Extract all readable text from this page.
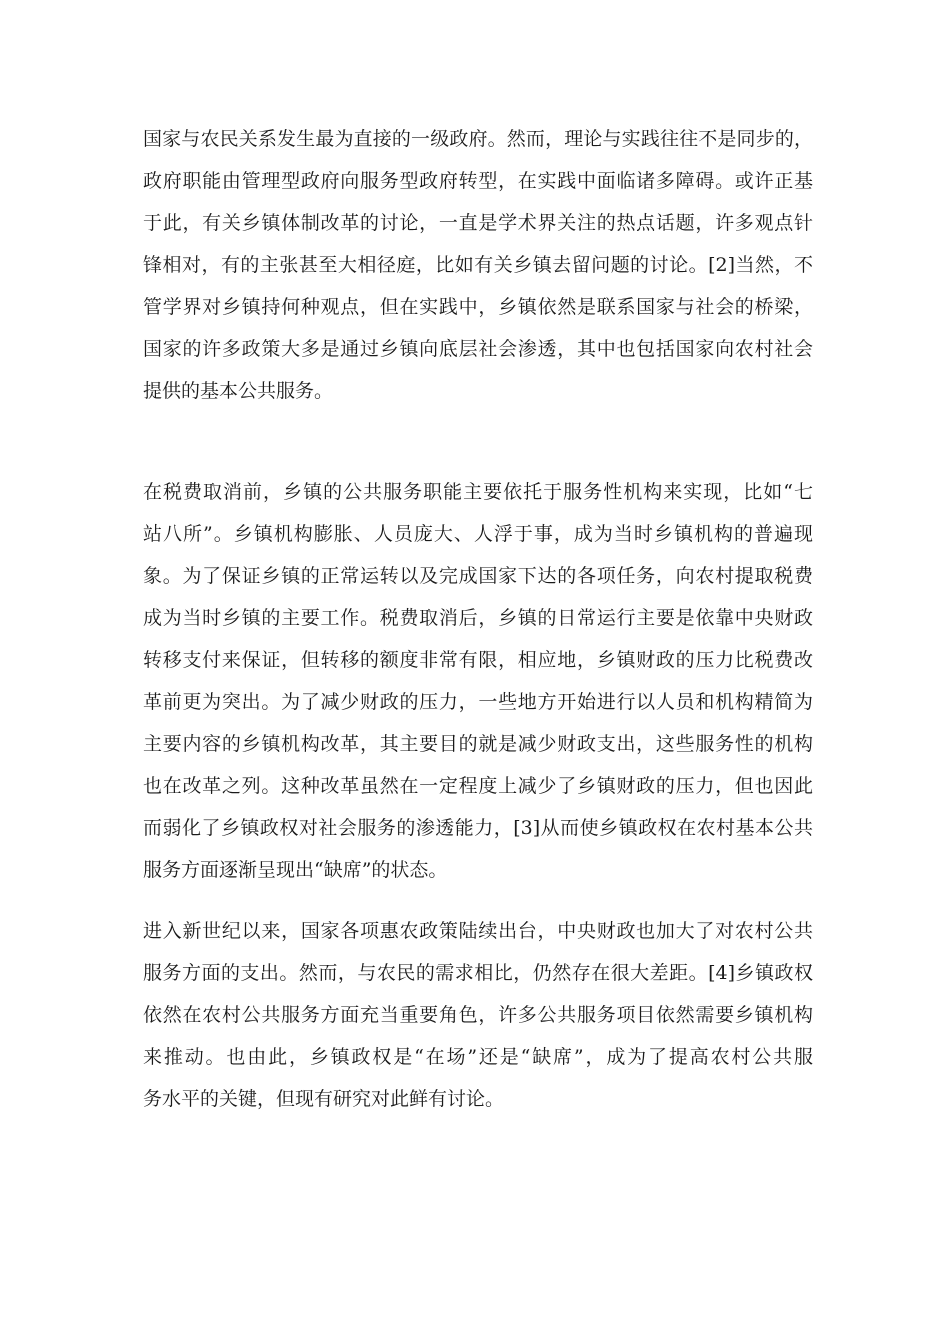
国家与农民关系发生最为直接的一级政府。然而，理论与实践往往不是同步的，
政府职能由管理型政府向服务型政府转型，在实践中面临诸多障碍。或许正基
于此，有关乡镇体制改革的讨论，一直是学术界关注的热点话题，许多观点针
锋相对，有的主张甚至大相径庭，比如有关乡镇去留问题的讨论。[2]当然，不
管学界对乡镇持何种观点，但在实践中，乡镇依然是联系国家与社会的桥梁，
国家的许多政策大多是通过乡镇向底层社会渗透，其中也包括国家向农村社会
提供的基本公共服务。
在税费取消前，乡镇的公共服务职能主要依托于服务性机构来实现，比如“七
站八所”。乡镇机构膨胀、人员庞大、人浮于事，成为当时乡镇机构的普遍现
象。为了保证乡镇的正常运转以及完成国家下达的各项任务，向农村提取税费
成为当时乡镇的主要工作。税费取消后，乡镇的日常运行主要是依靠中央财政
转移支付来保证，但转移的额度非常有限，相应地，乡镇财政的压力比税费改
革前更为突出。为了减少财政的压力，一些地方开始进行以人员和机构精简为
主要内容的乡镇机构改革，其主要目的就是减少财政支出，这些服务性的机构
也在改革之列。这种改革虽然在一定程度上减少了乡镇财政的压力，但也因此
而弱化了乡镇政权对社会服务的渗透能力，[3]从而使乡镇政权在农村基本公共
服务方面逐渐呈现出“缺席”的状态。
进入新世纪以来，国家各项惠农政策陆续出台，中央财政也加大了对农村公共
服务方面的支出。然而，与农民的需求相比，仍然存在很大差距。[4]乡镇政权
依然在农村公共服务方面充当重要角色，许多公共服务项目依然需要乡镇机构
来推动。也由此，乡镇政权是“在场”还是“缺席”，成为了提高农村公共服
务水平的关键，但现有研究对此鲜有讨论。
